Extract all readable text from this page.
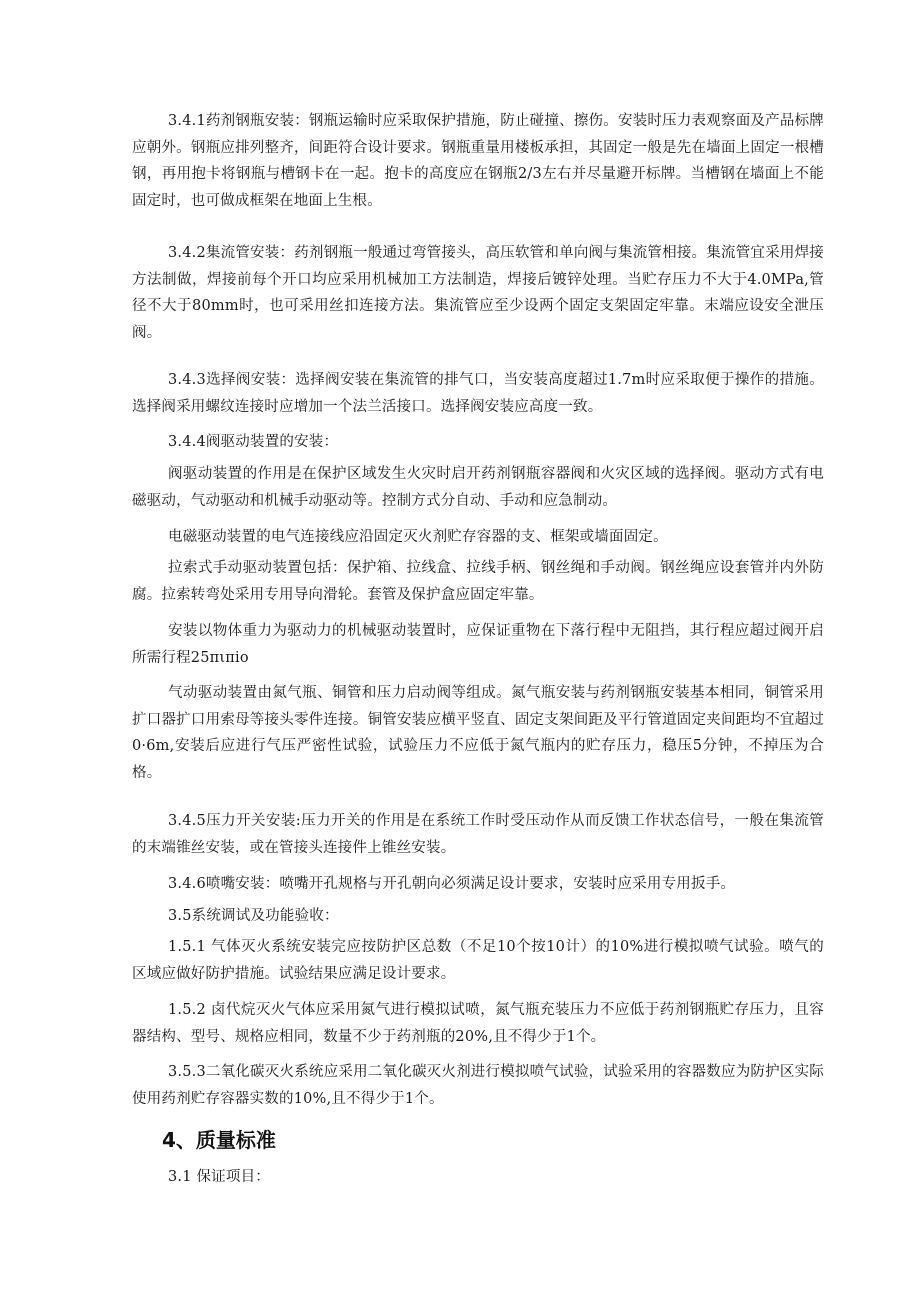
3.4.1药剂钢瓶安装：钢瓶运输时应采取保护措施，防止碰撞、擦伤。安装时压力表观察面及产品标牌应朝外。钢瓶应排列整齐，间距符合设计要求。钢瓶重量用楼板承担，其固定一般是先在墙面上固定一根槽钢，再用抱卡将钢瓶与槽钢卡在一起。抱卡的高度应在钢瓶2/3左右并尽量避开标牌。当槽钢在墙面上不能固定时，也可做成框架在地面上生根。

3.4.2集流管安装：药剂钢瓶一般通过弯管接头，高压软管和单向阀与集流管相接。集流管宜采用焊接方法制做，焊接前每个开口均应采用机械加工方法制造，焊接后镀锌处理。当贮存压力不大于4.0MPa,管径不大于80mm时，也可采用丝扣连接方法。集流管应至少设两个固定支架固定牢靠。末端应设安全泄压阀。

3.4.3选择阀安装：选择阀安装在集流管的排气口，当安装高度超过1.7m时应采取便于操作的措施。选择阀采用螺纹连接时应增加一个法兰活接口。选择阀安装应高度一致。

3.4.4阀驱动装置的安装：

阀驱动装置的作用是在保护区域发生火灾时启开药剂钢瓶容器阀和火灾区域的选择阀。驱动方式有电磁驱动，气动驱动和机械手动驱动等。控制方式分自动、手动和应急制动。

电磁驱动装置的电气连接线应沿固定灭火剂贮存容器的支、框架或墙面固定。

拉索式手动驱动装置包括：保护箱、拉线盒、拉线手柄、钢丝绳和手动阀。钢丝绳应设套管并内外防腐。拉索转弯处采用专用导向滑轮。套管及保护盒应固定牢靠。

安装以物体重力为驱动力的机械驱动装置时，应保证重物在下落行程中无阻挡，其行程应超过阀开启所需行程25πιπio

气动驱动装置由氮气瓶、铜管和压力启动阀等组成。氮气瓶安装与药剂钢瓶安装基本相同，铜管采用扩口器扩口用索母等接头零件连接。铜管安装应横平竖直、固定支架间距及平行管道固定夹间距均不宜超过0·6m,安装后应进行气压严密性试验，试验压力不应低于氮气瓶内的贮存压力，稳压5分钟，不掉压为合格。

3.4.5压力开关安装:压力开关的作用是在系统工作时受压动作从而反馈工作状态信号，一般在集流管的末端锥丝安装，或在管接头连接件上锥丝安装。

3.4.6喷嘴安装：喷嘴开孔规格与开孔朝向必须满足设计要求，安装时应采用专用扳手。

3.5系统调试及功能验收：

1.5.1 气体灭火系统安装完应按防护区总数（不足10个按10计）的10%进行模拟喷气试验。喷气的区域应做好防护措施。试验结果应满足设计要求。

1.5.2 卤代烷灭火气体应采用氮气进行模拟试喷，氮气瓶充装压力不应低于药剂钢瓶贮存压力，且容器结构、型号、规格应相同，数量不少于药剂瓶的20%,且不得少于1个。

3.5.3二氧化碳灭火系统应采用二氧化碳灭火剂进行模拟喷气试验，试验采用的容器数应为防护区实际使用药剂贮存容器实数的10%,且不得少于1个。

4、质量标准

3.1 保证项目：
